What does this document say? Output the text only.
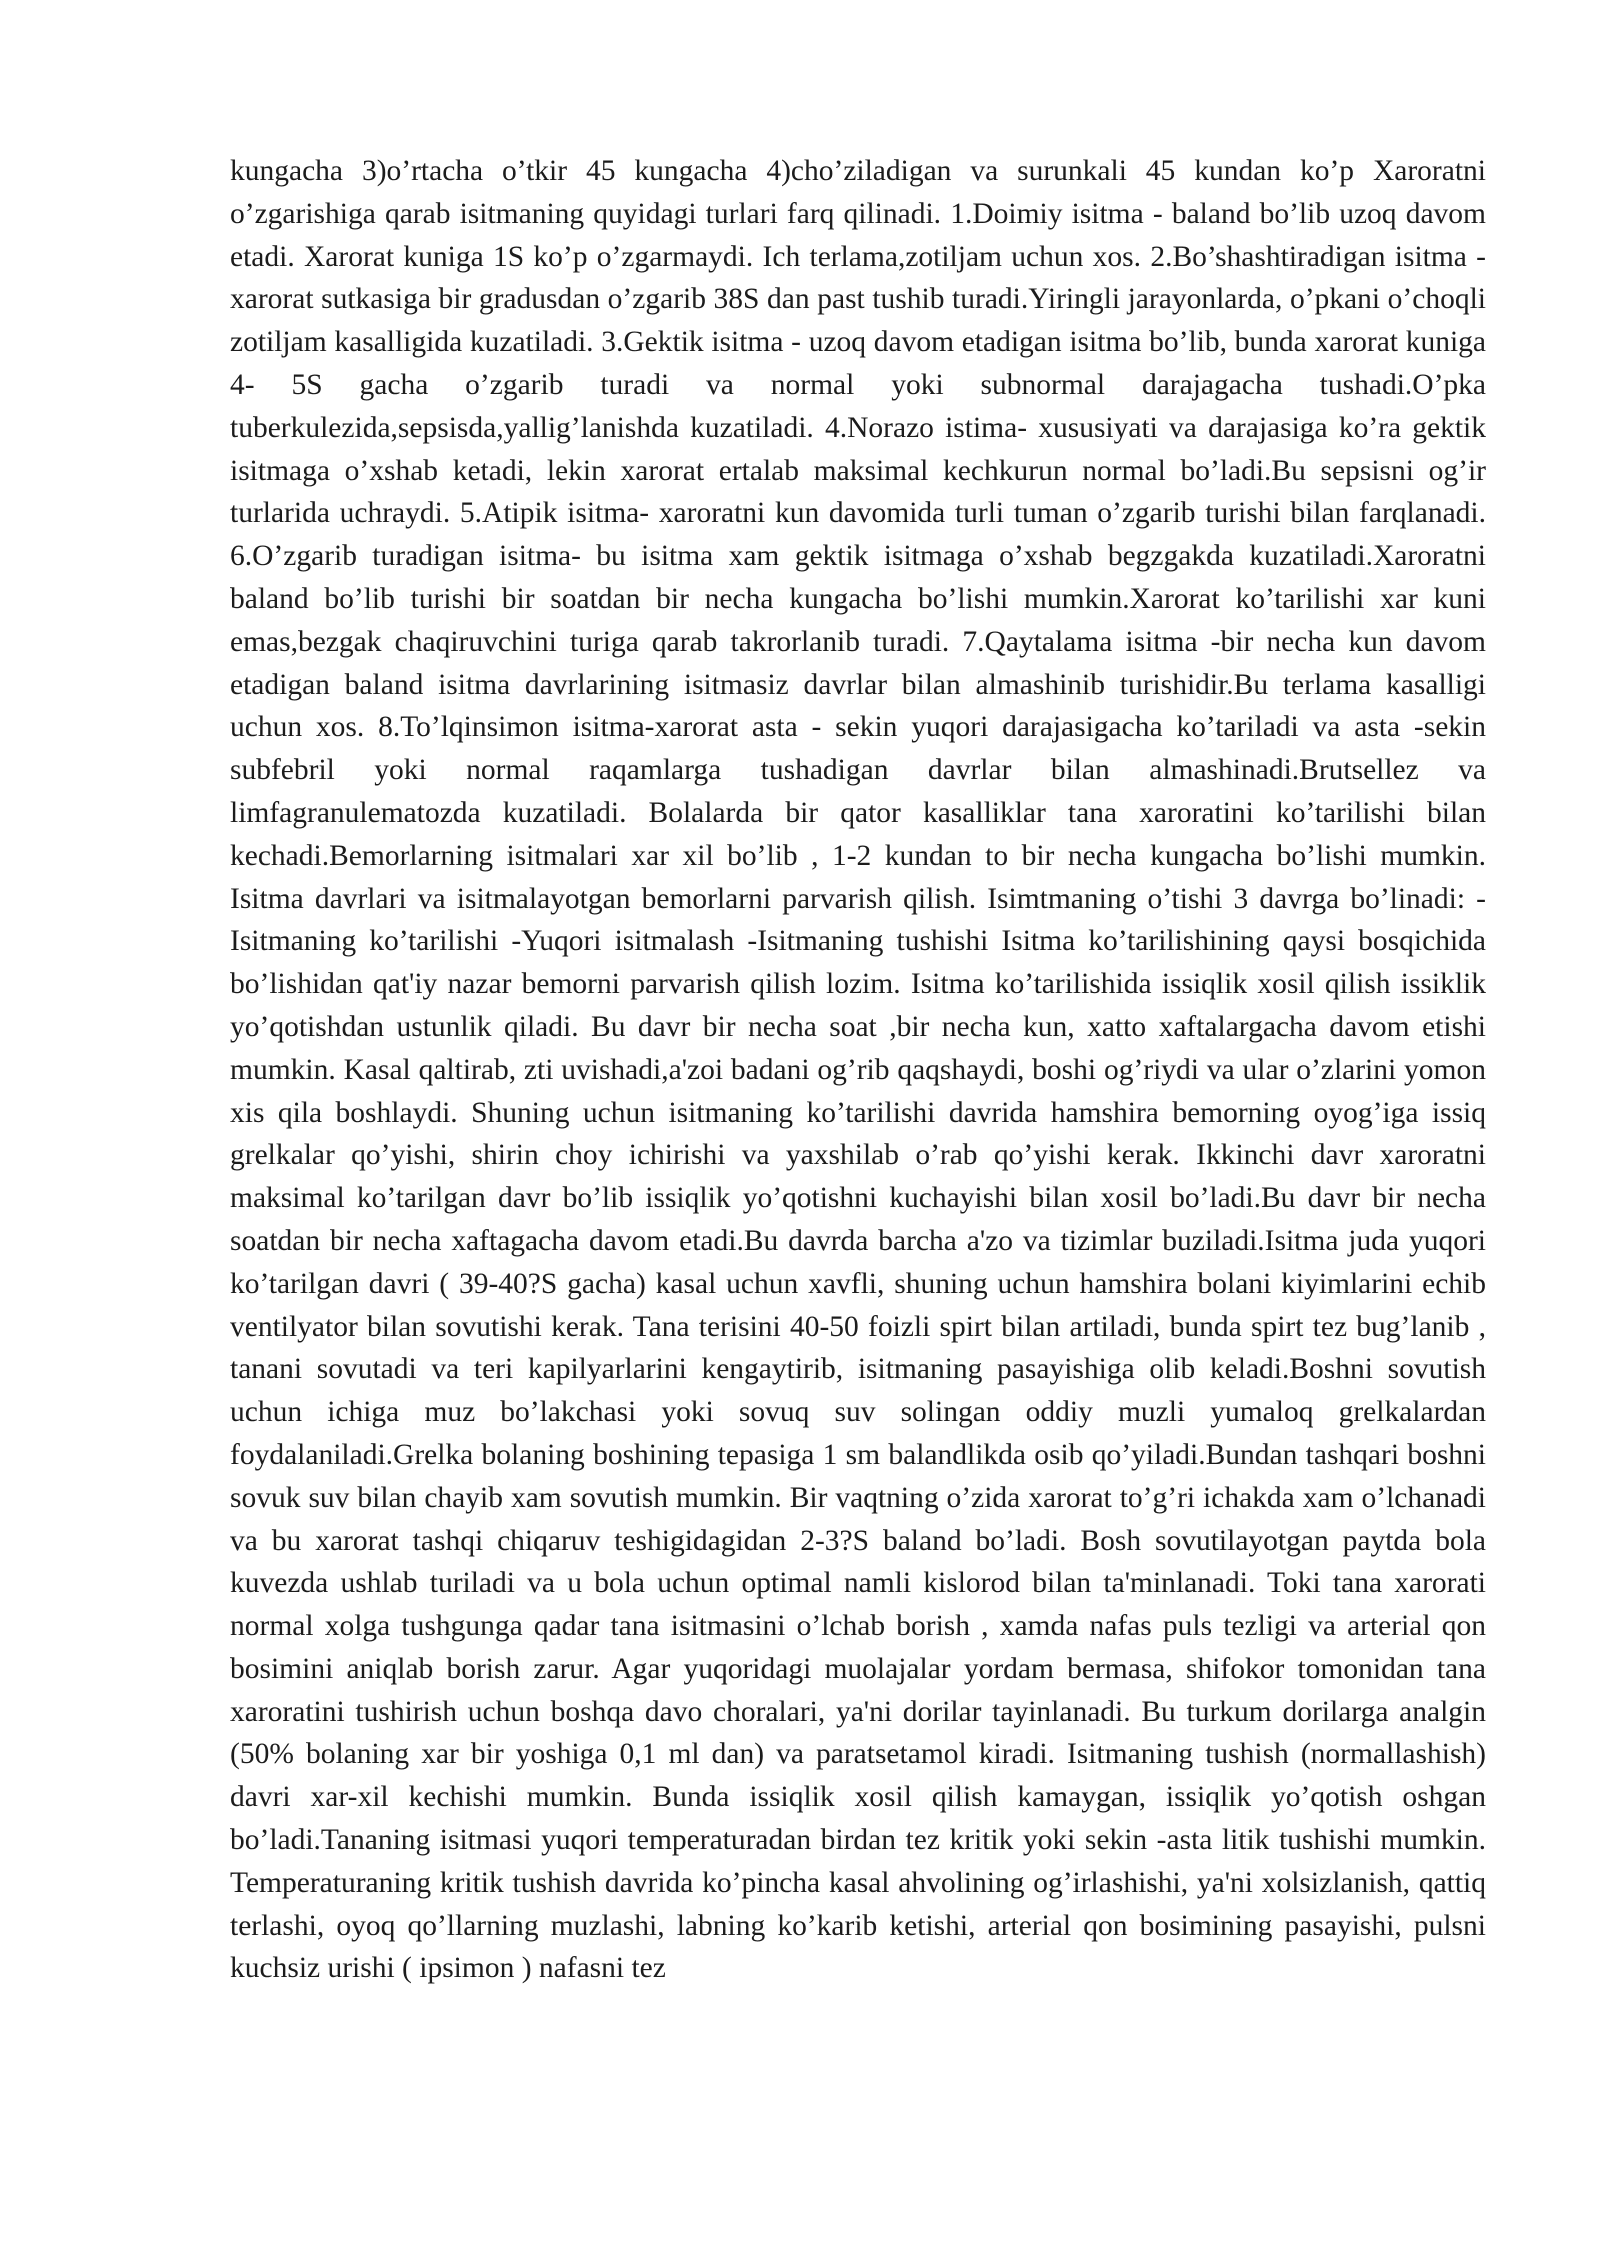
kungacha 3)o’rtacha o’tkir 45 kungacha 4)cho’ziladigan va surunkali 45 kundan ko’p Xaroratni o’zgarishiga qarab isitmaning quyidagi turlari farq qilinadi. 1.Doimiy isitma - baland bo’lib uzoq davom etadi. Xarorat kuniga 1S ko’p o’zgarmaydi. Ich terlama,zotiljam uchun xos. 2.Bo’shashtiradigan isitma - xarorat sutkasiga bir gradusdan o’zgarib 38S dan past tushib turadi.Yiringli jarayonlarda, o’pkani o’choqli zotiljam kasalligida kuzatiladi. 3.Gektik isitma - uzoq davom etadigan isitma bo’lib, bunda xarorat kuniga 4- 5S gacha o’zgarib turadi va normal yoki subnormal darajagacha tushadi.O’pka tuberkulezida,sepsisda,yallig’lanishda kuzatiladi. 4.Norazo istima- xususiyati va darajasiga ko’ra gektik isitmaga o’xshab ketadi, lekin xarorat ertalab maksimal kechkurun normal bo’ladi.Bu sepsisni og’ir turlarida uchraydi. 5.Atipik isitma- xaroratni kun davomida turli tuman o’zgarib turishi bilan farqlanadi. 6.O’zgarib turadigan isitma- bu isitma xam gektik isitmaga o’xshab begzgakda kuzatiladi.Xaroratni baland bo’lib turishi bir soatdan bir necha kungacha bo’lishi mumkin.Xarorat ko’tarilishi xar kuni emas,bezgak chaqiruvchini turiga qarab takrorlanib turadi. 7.Qaytalama isitma -bir necha kun davom etadigan baland isitma davrlarining isitmasiz davrlar bilan almashinib turishidir.Bu terlama kasalligi uchun xos. 8.To’lqinsimon isitma-xarorat asta - sekin yuqori darajasigacha ko’tariladi va asta -sekin subfebril yoki normal raqamlarga tushadigan davrlar bilan almashinadi.Brutsellez va limfagranulematozda kuzatiladi. Bolalarda bir qator kasalliklar tana xaroratini ko’tarilishi bilan kechadi.Bemorlarning isitmalari xar xil bo’lib , 1-2 kundan to bir necha kungacha bo’lishi mumkin. Isitma davrlari va isitmalayotgan bemorlarni parvarish qilish. Isimtmaning o’tishi 3 davrga bo’linadi: -Isitmaning ko’tarilishi -Yuqori isitmalash -Isitmaning tushishi Isitma ko’tarilishining qaysi bosqichida bo’lishidan qat'iy nazar bemorni parvarish qilish lozim. Isitma ko’tarilishida issiqlik xosil qilish issiklik yo’qotishdan ustunlik qiladi. Bu davr bir necha soat ,bir necha kun, xatto xaftalargacha davom etishi mumkin. Kasal qaltirab, zti uvishadi,a'zoi badani og’rib qaqshaydi, boshi og’riydi va ular o’zlarini yomon xis qila boshlaydi. Shuning uchun isitmaning ko’tarilishi davrida hamshira bemorning oyog’iga issiq grelkalar qo’yishi, shirin choy ichirishi va yaxshilab o’rab qo’yishi kerak. Ikkinchi davr xaroratni maksimal ko’tarilgan davr bo’lib issiqlik yo’qotishni kuchayishi bilan xosil bo’ladi.Bu davr bir necha soatdan bir necha xaftagacha davom etadi.Bu davrda barcha a'zo va tizimlar buziladi.Isitma juda yuqori ko’tarilgan davri ( 39-40?S gacha) kasal uchun xavfli, shuning uchun hamshira bolani kiyimlarini echib ventilyator bilan sovutishi kerak. Tana terisini 40-50 foizli spirt bilan artiladi, bunda spirt tez bug’lanib , tanani sovutadi va teri kapilyarlarini kengaytirib, isitmaning pasayishiga olib keladi.Boshni sovutish uchun ichiga muz bo’lakchasi yoki sovuq suv solingan oddiy muzli yumaloq grelkalardan foydalaniladi.Grelka bolaning boshining tepasiga 1 sm balandlikda osib qo’yiladi.Bundan tashqari boshni sovuk suv bilan chayib xam sovutish mumkin. Bir vaqtning o’zida xarorat to’g’ri ichakda xam o’lchanadi va bu xarorat tashqi chiqaruv teshigidagidan 2-3?S baland bo’ladi. Bosh sovutilayotgan paytda bola kuvezda ushlab turiladi va u bola uchun optimal namli kislorod bilan ta'minlanadi. Toki tana xarorati normal xolga tushgunga qadar tana isitmasini o’lchab borish , xamda nafas puls tezligi va arterial qon bosimini aniqlab borish zarur. Agar yuqoridagi muolajalar yordam bermasa, shifokor tomonidan tana xaroratini tushirish uchun boshqa davo choralari, ya'ni dorilar tayinlanadi. Bu turkum dorilarga analgin (50% bolaning xar bir yoshiga 0,1 ml dan) va paratsetamol kiradi. Isitmaning tushish (normallashish) davri xar-xil kechishi mumkin. Bunda issiqlik xosil qilish kamaygan, issiqlik yo’qotish oshgan bo’ladi.Tananing isitmasi yuqori temperaturadan birdan tez kritik yoki sekin -asta litik tushishi mumkin. Temperaturaning kritik tushish davrida ko’pincha kasal ahvolining og’irlashishi, ya'ni xolsizlanish, qattiq terlashi, oyoq qo’llarning muzlashi, labning ko’karib ketishi, arterial qon bosimining pasayishi, pulsni kuchsiz urishi ( ipsimon ) nafasni tez
